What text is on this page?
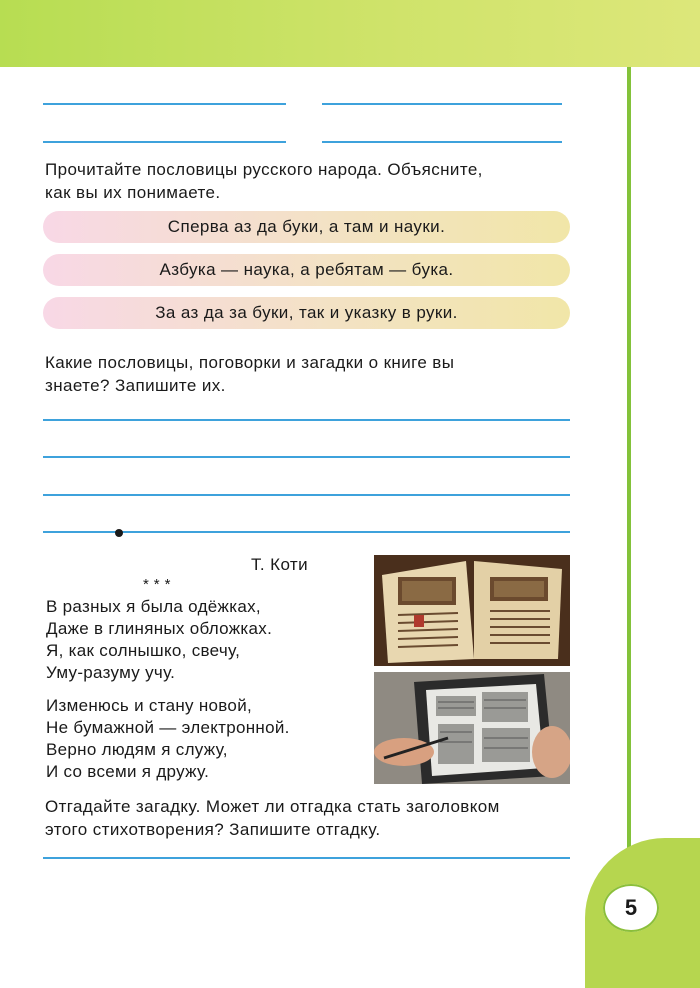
Прочитайте пословицы русского народа. Объясните,
как вы их понимаете.
Сперва аз да буки, а там и науки.
Азбука — наука, а ребятам — бука.
За аз да за буки, так и указку в руки.
Какие пословицы, поговорки и загадки о книге вы
знаете? Запишите их.
Т. Коти
* * *
В разных я была одёжках,
Даже в глиняных обложках.
Я, как солнышко, свечу,
Уму-разуму учу.
Изменюсь и стану новой,
Не бумажной — электронной.
Верно людям я служу,
И со всеми я дружу.
Отгадайте загадку. Может ли отгадка стать заголовком
этого стихотворения? Запишите отгадку.
5
